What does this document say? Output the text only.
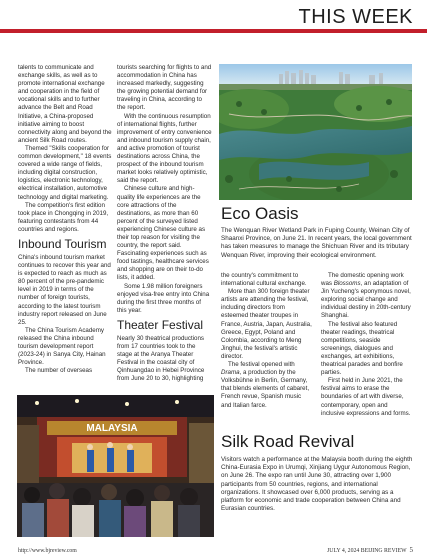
THIS WEEK

talents to communicate and exchange skills, as well as to promote international exchange and cooperation in the field of vocational skills and to further advance the Belt and Road Initiative, a China-proposed initiative aiming to boost connectivity along and beyond the ancient Silk Road routes.

Themed "Skills cooperation for common development," 18 events covered a wide range of fields, including digital construction, logistics, electronic technology, electrical installation, automotive technology and digital marketing.

The competition's first edition took place in Chongqing in 2019, featuring contestants from 44 countries and regions.

Inbound Tourism

China's inbound tourism market continues to recover this year and is expected to reach as much as 80 percent of the pre-pandemic level in 2019 in terms of the number of foreign tourists, according to the latest tourism industry report released on June 25.

The China Tourism Academy released the China inbound tourism development report (2023-24) in Sanya City, Hainan Province.

The number of overseas

tourists searching for flights to and accommodation in China has increased markedly, suggesting the growing potential demand for traveling in China, according to the report.

With the continuous resumption of international flights, further improvement of entry convenience and inbound tourism supply chain, and active promotion of tourist destinations across China, the prospect of the inbound tourism market looks relatively optimistic, said the report.

Chinese culture and high-quality life experiences are the core attractions of the destinations, as more than 60 percent of the surveyed listed experiencing Chinese culture as their top reason for visiting the country, the report said. Fascinating experiences such as food tastings, healthcare services and shopping are on their to-do lists, it added.

Some 1.98 million foreigners enjoyed visa-free entry into China during the first three months of this year.

Theater Festival

Nearly 30 theatrical productions from 17 countries took to the stage at the Aranya Theater Festival in the coastal city of Qinhuangdao in Hebei Province from June 20 to 30, highlighting

Eco Oasis
The Wenquan River Wetland Park in Fuping County, Weinan City of Shaanxi Province, on June 21. In recent years, the local government has taken measures to manage the Shichuan River and its tributary Wenquan River, improving their ecological environment.

the country's commitment to international cultural exchange.

More than 300 foreign theater artists are attending the festival, including directors from esteemed theater troupes in France, Austria, Japan, Australia, Greece, Egypt, Poland and Colombia, according to Meng Jinghui, the festival's artistic director.

The festival opened with Drama, a production by the Volksbühne in Berlin, Germany, that blends elements of cabaret, French revue, Spanish music and Italian farce.

The domestic opening work was Blossoms, an adaptation of Jin Yucheng's eponymous novel, exploring social change and individual destiny in 20th-century Shanghai.

The festival also featured theater readings, theatrical competitions, seaside screenings, dialogues and exchanges, art exhibitions, theatrical parades and bonfire parties.

First held in June 2021, the festival aims to erase the boundaries of art with diverse, contemporary, open and inclusive expressions and forms.

MALAYSIA
Silk Road Revival
Visitors watch a performance at the Malaysia booth during the eighth China-Eurasia Expo in Urumqi, Xinjiang Uygur Autonomous Region, on June 26. The expo ran until June 30, attracting over 1,900 participants from 50 countries, regions, and international organizations. It showcased over 6,000 products, serving as a platform for economic and trade cooperation between China and Eurasian countries.
http://www.bjreview.com	JULY 4, 2024 BEIJING REVIEW 5
